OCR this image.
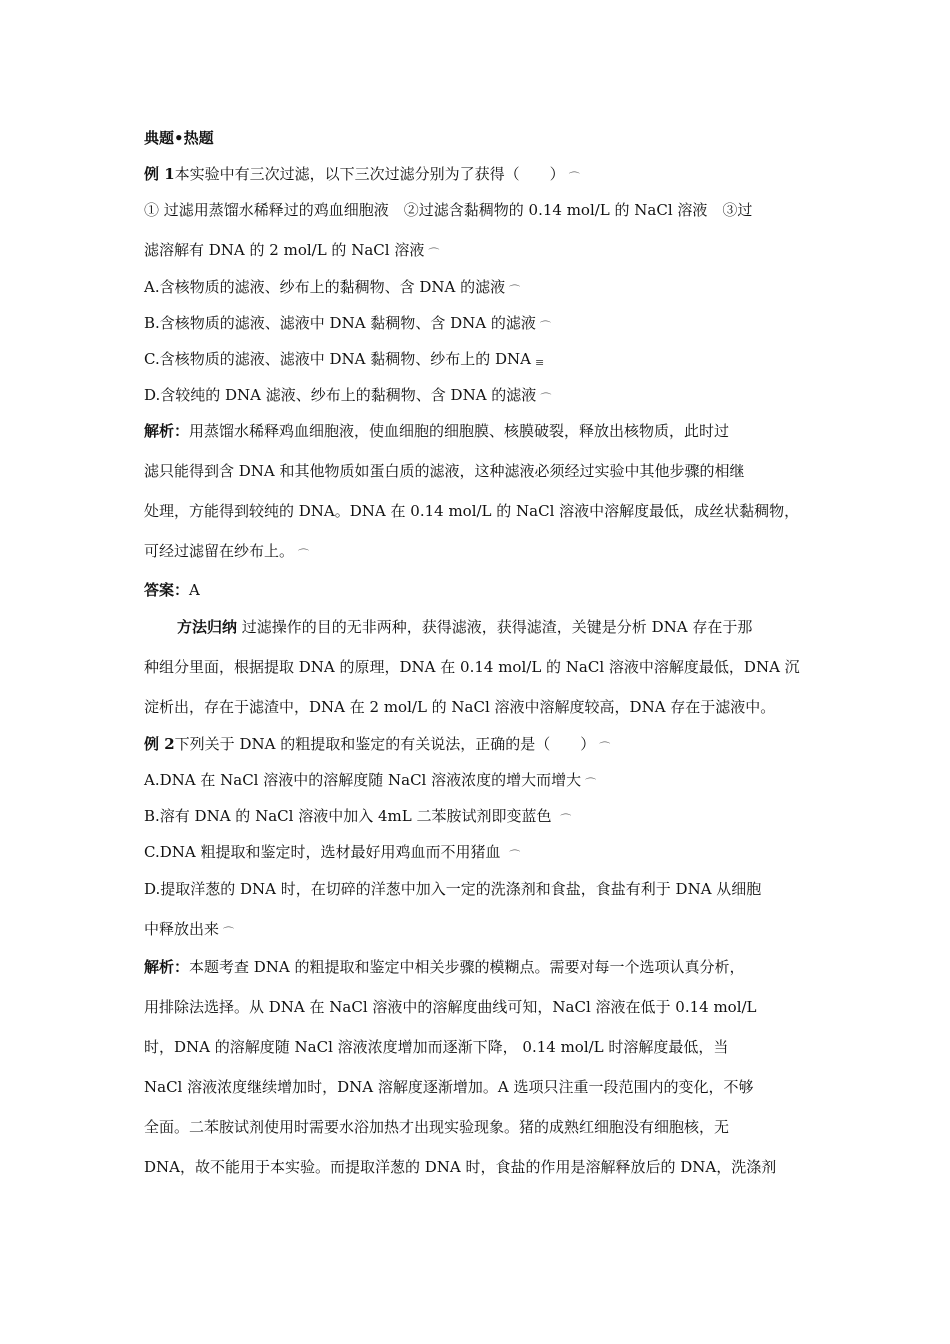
典题•热题
例 1本实验中有三次过滤，以下三次过滤分别为了获得（　　） ⌒
① 过滤用蒸馏水稀释过的鸡血细胞液　②过滤含黏稠物的 0.14 mol/L 的 NaCl 溶液　③过
滤溶解有 DNA 的 2 mol/L 的 NaCl 溶液 ⌒
A.含核物质的滤液、纱布上的黏稠物、含 DNA 的滤液 ⌒
B.含核物质的滤液、滤液中 DNA 黏稠物、含 DNA 的滤液 ⌒
C.含核物质的滤液、滤液中 DNA 黏稠物、纱布上的 DNA ≡
D.含较纯的 DNA 滤液、纱布上的黏稠物、含 DNA 的滤液 ⌒
解析：用蒸馏水稀释鸡血细胞液，使血细胞的细胞膜、核膜破裂，释放出核物质，此时过
滤只能得到含 DNA 和其他物质如蛋白质的滤液，这种滤液必须经过实验中其他步骤的相继
处理，方能得到较纯的 DNA。DNA 在 0.14 mol/L 的 NaCl 溶液中溶解度最低，成丝状黏稠物，
可经过滤留在纱布上。 ⌒
答案：A
方法归纳 过滤操作的目的无非两种，获得滤液，获得滤渣，关键是分析 DNA 存在于那
种组分里面，根据提取 DNA 的原理，DNA 在 0.14 mol/L 的 NaCl 溶液中溶解度最低，DNA 沉
淀析出，存在于滤渣中，DNA 在 2 mol/L 的 NaCl 溶液中溶解度较高，DNA 存在于滤液中。
例 2下列关于 DNA 的粗提取和鉴定的有关说法，正确的是（　　） ⌒
A.DNA 在 NaCl 溶液中的溶解度随 NaCl 溶液浓度的增大而增大 ⌒
B.溶有 DNA 的 NaCl 溶液中加入 4mL 二苯胺试剂即变蓝色 ⌒
C.DNA 粗提取和鉴定时，选材最好用鸡血而不用猪血 ⌒
D.提取洋葱的 DNA 时，在切碎的洋葱中加入一定的洗涤剂和食盐，食盐有利于 DNA 从细胞
中释放出来 ⌒
解析：本题考查 DNA 的粗提取和鉴定中相关步骤的模糊点。需要对每一个选项认真分析，
用排除法选择。从 DNA 在 NaCl 溶液中的溶解度曲线可知，NaCl 溶液在低于 0.14 mol/L
时，DNA 的溶解度随 NaCl 溶液浓度增加而逐渐下降， 0.14 mol/L 时溶解度最低，当
NaCl 溶液浓度继续增加时，DNA 溶解度逐渐增加。A 选项只注重一段范围内的变化，不够
全面。二苯胺试剂使用时需要水浴加热才出现实验现象。猪的成熟红细胞没有细胞核，无
DNA，故不能用于本实验。而提取洋葱的 DNA 时，食盐的作用是溶解释放后的 DNA，洗涤剂
